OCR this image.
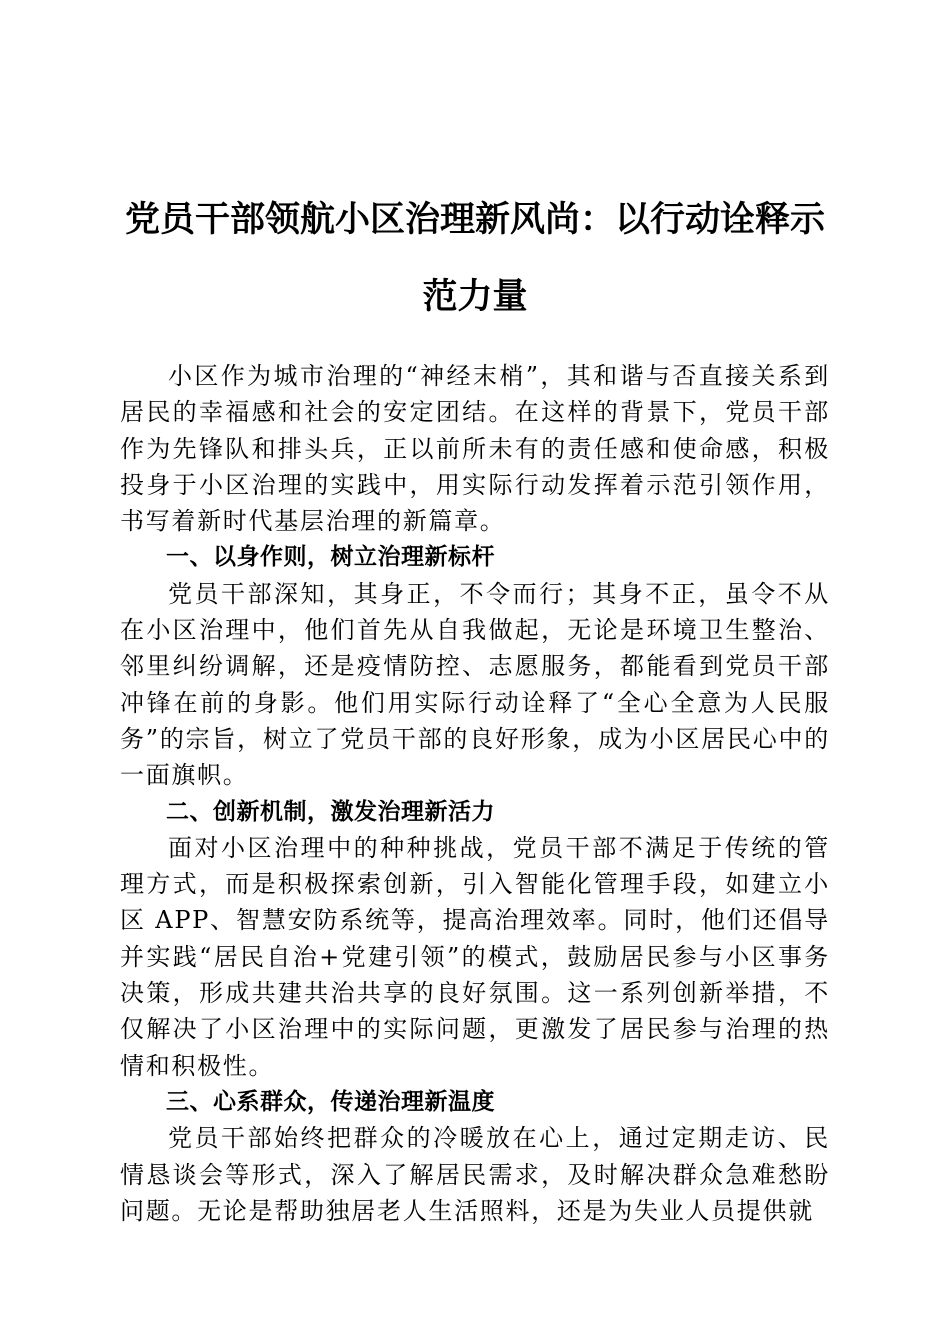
党员干部领航小区治理新风尚：以行动诠释示
范力量

小区作为城市治理的“神经末梢”，其和谐与否直接关系到居民的幸福感和社会的安定团结。在这样的背景下，党员干部作为先锋队和排头兵，正以前所未有的责任感和使命感，积极投身于小区治理的实践中，用实际行动发挥着示范引领作用，书写着新时代基层治理的新篇章。

一、以身作则，树立治理新标杆

党员干部深知，其身正，不令而行；其身不正，虽令不从在小区治理中，他们首先从自我做起，无论是环境卫生整治、邻里纠纷调解，还是疫情防控、志愿服务，都能看到党员干部冲锋在前的身影。他们用实际行动诠释了“全心全意为人民服务”的宗旨，树立了党员干部的良好形象，成为小区居民心中的一面旗帜。

二、创新机制，激发治理新活力

面对小区治理中的种种挑战，党员干部不满足于传统的管理方式，而是积极探索创新，引入智能化管理手段，如建立小区 APP、智慧安防系统等，提高治理效率。同时，他们还倡导并实践“居民自治+党建引领”的模式，鼓励居民参与小区事务决策，形成共建共治共享的良好氛围。这一系列创新举措，不仅解决了小区治理中的实际问题，更激发了居民参与治理的热情和积极性。

三、心系群众，传递治理新温度

党员干部始终把群众的冷暖放在心上，通过定期走访、民情恳谈会等形式，深入了解居民需求，及时解决群众急难愁盼问题。无论是帮助独居老人生活照料，还是为失业人员提供就
